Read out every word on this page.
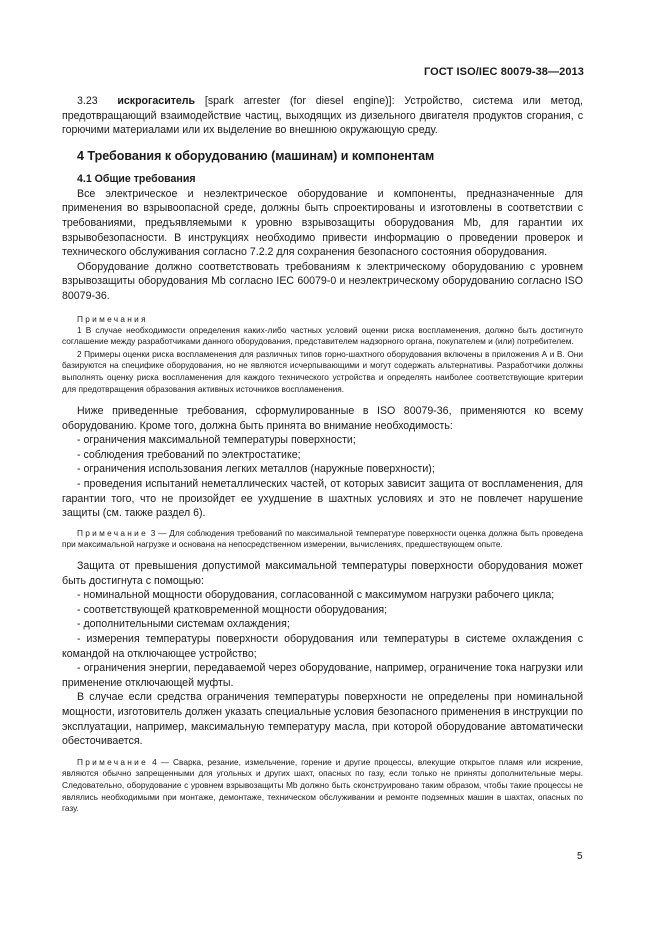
ГОСТ ISO/IEC 80079-38—2013

3.23 искрогаситель [spark arrester (for diesel engine)]: Устройство, система или метод, предотвращающий взаимодействие частиц, выходящих из дизельного двигателя продуктов сгорания, с горючими материалами или их выделение во внешнюю окружающую среду.

4 Требования к оборудованию (машинам) и компонентам
4.1 Общие требования

Все электрическое и неэлектрическое оборудование и компоненты, предназначенные для применения во взрывоопасной среде, должны быть спроектированы и изготовлены в соответствии с требованиями, предъявляемыми к уровню взрывозащиты оборудования Mb, для гарантии их взрывобезопасности. В инструкциях необходимо привести информацию о проведении проверок и технического обслуживания согласно 7.2.2 для сохранения безопасного состояния оборудования.

Оборудование должно соответствовать требованиям к электрическому оборудованию с уровнем взрывозащиты оборудования Mb согласно IEC 60079-0 и неэлектрическому оборудованию согласно ISO 80079-36.

Примечания
1 В случае необходимости определения каких-либо частных условий оценки риска воспламенения, должно быть достигнуто соглашение между разработчиками данного оборудования, представителем надзорного органа, покупателем и (или) потребителем.
2 Примеры оценки риска воспламенения для различных типов горно-шахтного оборудования включены в приложения А и В. Они базируются на специфике оборудования, но не являются исчерпывающими и могут содержать альтернативы. Разработчики должны выполнять оценку риска воспламенения для каждого технического устройства и определять наиболее соответствующие критерии для предотвращения образования активных источников воспламенения.

Ниже приведенные требования, сформулированные в ISO 80079-36, применяются ко всему оборудованию. Кроме того, должна быть принята во внимание необходимость:

- ограничения максимальной температуры поверхности;

- соблюдения требований по электростатике;

- ограничения использования легких металлов (наружные поверхности);

- проведения испытаний неметаллических частей, от которых зависит защита от воспламенения, для гарантии того, что не произойдет ее ухудшение в шахтных условиях и это не повлечет нарушение защиты (см. также раздел 6).

Примечание 3 — Для соблюдения требований по максимальной температуре поверхности оценка должна быть проведена при максимальной нагрузке и основана на непосредственном измерении, вычислениях, предшествующем опыте.

Защита от превышения допустимой максимальной температуры поверхности оборудования может быть достигнута с помощью:

- номинальной мощности оборудования, согласованной с максимумом нагрузки рабочего цикла;

- соответствующей кратковременной мощности оборудования;

- дополнительными системам охлаждения;

- измерения температуры поверхности оборудования или температуры в системе охлаждения с командой на отключающее устройство;

- ограничения энергии, передаваемой через оборудование, например, ограничение тока нагрузки или применение отключающей муфты.

В случае если средства ограничения температуры поверхности не определены при номинальной мощности, изготовитель должен указать специальные условия безопасного применения в инструкции по эксплуатации, например, максимальную температуру масла, при которой оборудование автоматически обесточивается.

Примечание 4 — Сварка, резание, измельчение, горение и другие процессы, влекущие открытое пламя или искрение, являются обычно запрещенными для угольных и других шахт, опасных по газу, если только не приняты дополнительные меры. Следовательно, оборудование с уровнем взрывозащиты Mb должно быть сконструировано таким образом, чтобы такие процессы не являлись необходимыми при монтаже, демонтаже, техническом обслуживании и ремонте подземных машин в шахтах, опасных по газу.
5
